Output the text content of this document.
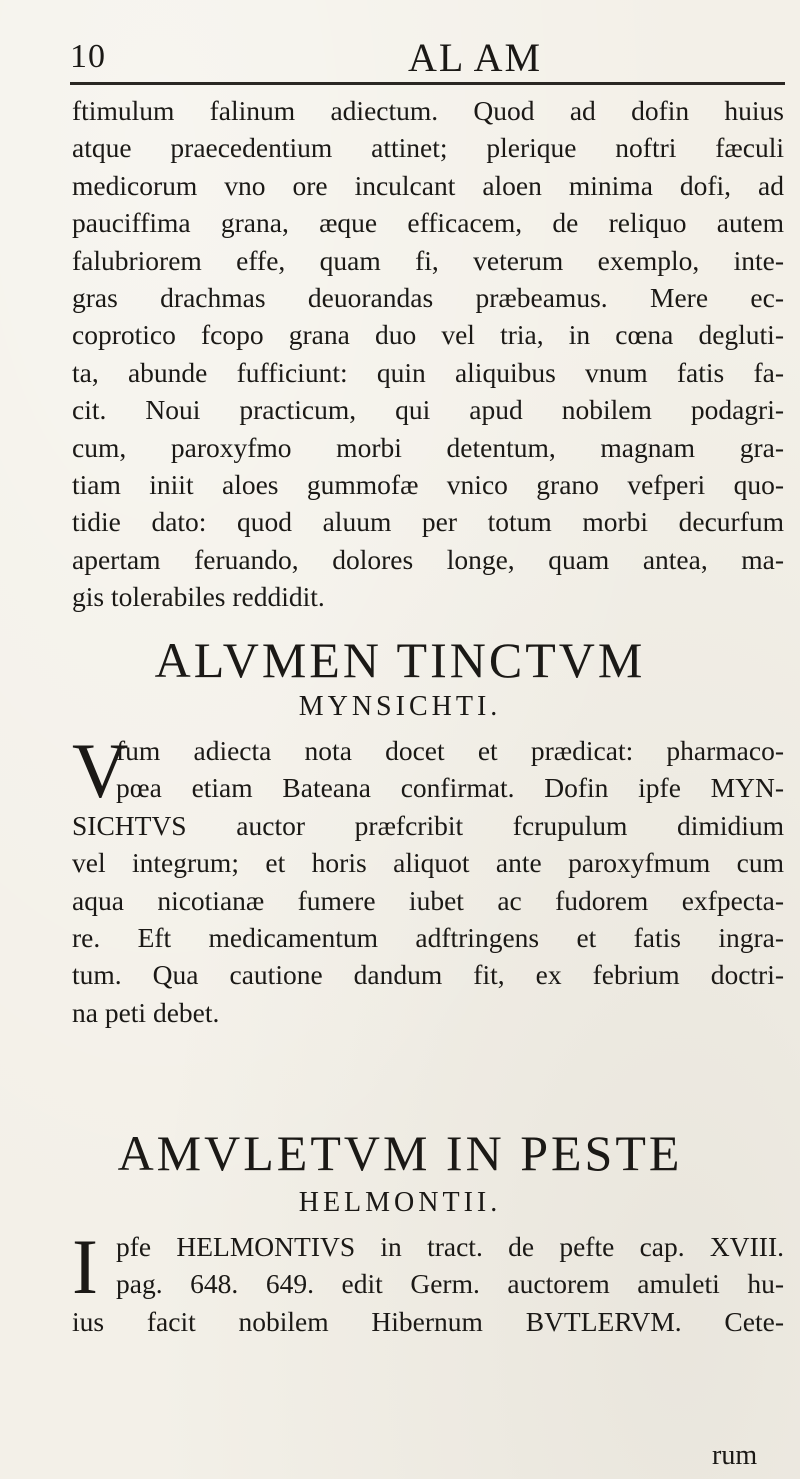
10	AL AM
ftimulum falinum adiectum. Quod ad dofin huius
atque praecedentium attinet; plerique noftri fæculi
medicorum vno ore inculcant aloen minima dofi, ad
pauciffima grana, æque efficacem, de reliquo autem
falubriorem effe, quam fi, veterum exemplo, inte-
gras drachmas deuorandas præbeamus. Mere ec-
coprotico fcopo grana duo vel tria, in cœna degluti-
ta, abunde fufficiunt: quin aliquibus vnum fatis fa-
cit. Noui practicum, qui apud nobilem podagri-
cum, paroxyfmo morbi detentum, magnam gra-
tiam iniit aloes gummofæ vnico grano vefperi quo-
tidie dato: quod aluum per totum morbi decurfum
apertam feruando, dolores longe, quam antea, ma-
gis tolerabiles reddidit.
ALVMEN TINCTVM
MYNSICHTI.
V
fum adiecta nota docet et prædicat: pharmaco-
pœa etiam Bateana confirmat. Dofin ipfe MYN-
SICHTVS auctor præfcribit fcrupulum dimidium
vel integrum; et horis aliquot ante paroxyfmum cum
aqua nicotianæ fumere iubet ac fudorem exfpecta-
re. Eft medicamentum adftringens et fatis ingra-
tum. Qua cautione dandum fit, ex febrium doctri-
na peti debet.
AMVLETVM IN PESTE
HELMONTII.
I pfe HELMONTIVS in tract. de pefte cap. XVIII.
pag. 648. 649. edit Germ. auctorem amuleti hu-
ius facit nobilem Hibernum BVTLERVM. Cete-
rum
